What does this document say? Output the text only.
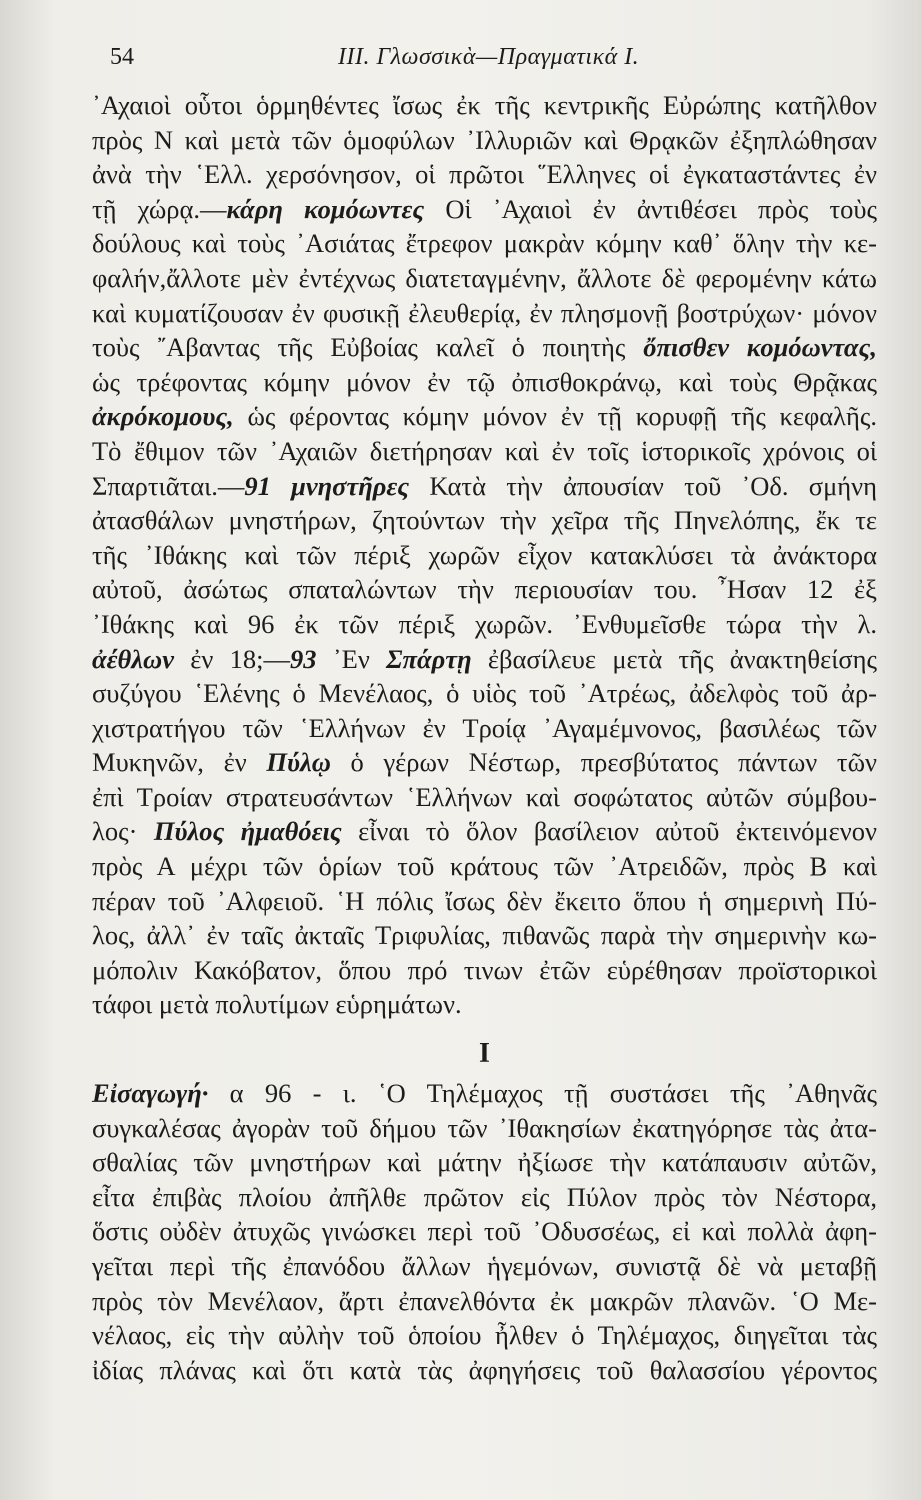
54	ΙΙΙ. Γλωσσικὰ—Πραγματικά Ι.
᾿Αχαιοὶ οὗτοι ὁρμηθέντες ἴσως ἐκ τῆς κεντρικῆς Εὐρώπης κατῆλθον
πρὸς Ν καὶ μετὰ τῶν ὁμοφύλων ᾿Ιλλυριῶν καὶ Θρᾳκῶν ἐξηπλώθησαν
ἀνὰ τὴν ῾Ελλ. χερσόνησον, οἱ πρῶτοι ῞Ελληνες οἱ ἐγκαταστάντες ἐν
τῇ χώρᾳ.—κάρη κομόωντες Οἱ ᾿Αχαιοὶ ἐν ἀντιθέσει πρὸς τοὺς
δούλους καὶ τοὺς ᾿Ασιάτας ἔτρεφον μακρὰν κόμην καθ᾿ ὅλην τὴν κε-
φαλήν,ἄλλοτε μὲν ἐντέχνως διατεταγμένην, ἄλλοτε δὲ φερομένην κάτω
καὶ κυματίζουσαν ἐν φυσικῇ ἐλευθερίᾳ, ἐν πλησμονῇ βοστρύχων· μόνον
τοὺς ῎Αβαντας τῆς Εὐβοίας καλεῖ ὁ ποιητὴς ὄπισθεν κομόωντας,
ὡς τρέφοντας κόμην μόνον ἐν τῷ ὀπισθοκράνῳ, καὶ τοὺς Θρᾷκας
ἀκρόκομους, ὡς φέροντας κόμην μόνον ἐν τῇ κορυφῇ τῆς κεφαλῆς.
Τὸ ἔθιμον τῶν ᾿Αχαιῶν διετήρησαν καὶ ἐν τοῖς ἱστορικοῖς χρόνοις οἱ
Σπαρτιᾶται.—91 μνηστῆρες Κατὰ τὴν ἀπουσίαν τοῦ ᾿Οδ. σμήνη
ἀτασθάλων μνηστήρων, ζητούντων τὴν χεῖρα τῆς Πηνελόπης, ἔκ τε
τῆς ᾿Ιθάκης καὶ τῶν πέριξ χωρῶν εἶχον κατακλύσει τὰ ἀνάκτορα
αὐτοῦ, ἀσώτως σπαταλώντων τὴν περιουσίαν του. ῏Ησαν 12 ἐξ
᾿Ιθάκης καὶ 96 ἐκ τῶν πέριξ χωρῶν. ᾿Ενθυμεῖσθε τώρα τὴν λ.
ἀέθλων ἐν 18;—93 ᾿Εν Σπάρτῃ ἐβασίλευε μετὰ τῆς ἀνακτηθείσης
συζύγου ῾Ελένης ὁ Μενέλαος, ὁ υἱὸς τοῦ ᾿Ατρέως, ἀδελφὸς τοῦ ἀρ-
χιστρατήγου τῶν ῾Ελλήνων ἐν Τροίᾳ ᾿Αγαμέμνονος, βασιλέως τῶν
Μυκηνῶν, ἐν Πύλῳ ὁ γέρων Νέστωρ, πρεσβύτατος πάντων τῶν
ἐπὶ Τροίαν στρατευσάντων ῾Ελλήνων καὶ σοφώτατος αὐτῶν σύμβου-
λος· Πύλος ἠμαθόεις εἶναι τὸ ὅλον βασίλειον αὐτοῦ ἐκτεινόμενον
πρὸς Α μέχρι τῶν ὁρίων τοῦ κράτους τῶν ᾿Ατρειδῶν, πρὸς Β καὶ
πέραν τοῦ ᾿Αλφειοῦ. ῾Η πόλις ἴσως δὲν ἔκειτο ὅπου ἡ σημερινὴ Πύ-
λος, ἀλλ᾿ ἐν ταῖς ἀκταῖς Τριφυλίας, πιθανῶς παρὰ τὴν σημερινὴν κω-
μόπολιν Κακόβατον, ὅπου πρό τινων ἐτῶν εὑρέθησαν προϊστορικοὶ
τάφοι μετὰ πολυτίμων εὑρημάτων.
Ι
Εἰσαγωγή· α 96 - ι. ῾Ο Τηλέμαχος τῇ συστάσει τῆς ᾿Αθηνᾶς
συγκαλέσας ἀγορὰν τοῦ δήμου τῶν ᾿Ιθακησίων ἐκατηγόρησε τὰς ἀτα-
σθαλίας τῶν μνηστήρων καὶ μάτην ἠξίωσε τὴν κατάπαυσιν αὐτῶν,
εἶτα ἐπιβὰς πλοίου ἀπῆλθε πρῶτον εἰς Πύλον πρὸς τὸν Νέστορα,
ὅστις οὐδὲν ἀτυχῶς γινώσκει περὶ τοῦ ᾿Οδυσσέως, εἰ καὶ πολλὰ ἀφη-
γεῖται περὶ τῆς ἐπανόδου ἄλλων ἡγεμόνων, συνιστᾷ δὲ νὰ μεταβῇ
πρὸς τὸν Μενέλαον, ἄρτι ἐπανελθόντα ἐκ μακρῶν πλανῶν. ῾Ο Με-
νέλαος, εἰς τὴν αὐλὴν τοῦ ὁποίου ἦλθεν ὁ Τηλέμαχος, διηγεῖται τὰς
ἰδίας πλάνας καὶ ὅτι κατὰ τὰς ἀφηγήσεις τοῦ θαλασσίου γέροντος
